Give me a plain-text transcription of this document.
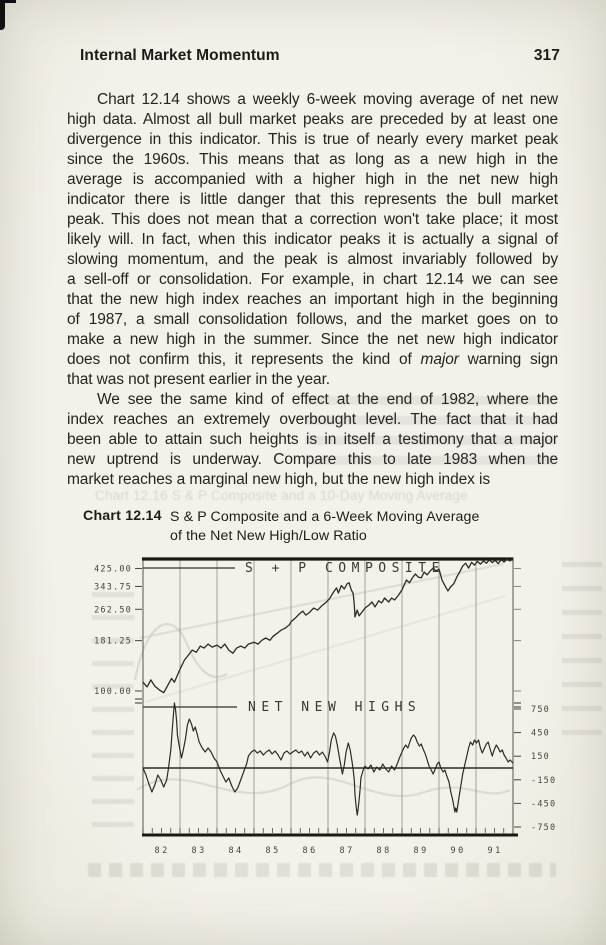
Internal Market Momentum	317
Chart 12.14 shows a weekly 6-week moving average of net new
high data. Almost all bull market peaks are preceded by at least one
divergence in this indicator. This is true of nearly every market peak
since the 1960s. This means that as long as a new high in the
average is accompanied with a higher high in the net new high
indicator there is little danger that this represents the bull market
peak. This does not mean that a correction won't take place; it most
likely will. In fact, when this indicator peaks it is actually a signal of
slowing momentum, and the peak is almost invariably followed by
a sell-off or consolidation. For example, in chart 12.14 we can see
that the new high index reaches an important high in the beginning
of 1987, a small consolidation follows, and the market goes on to
make a new high in the summer. Since the net new high indicator
does not confirm this, it represents the kind of major warning sign
that was not present earlier in the year.
We see the same kind of effect at the end of 1982, where the
index reaches an extremely overbought level. The fact that it had
been able to attain such heights is in itself a testimony that a major
new uptrend is underway. Compare this to late 1983 when the
market reaches a marginal new high, but the new high index is
Chart 12.16 S & P Composite and a 10-Day Moving Average
Chart 12.14 S & P Composite and a 6-Week Moving Average
of the Net New High/Low Ratio
425.00
343.75
262.50
181.25
100.00
750
450
150
-150
-450
-750
S + P COMPOSITE
NET NEW HIGHS
82	83	84	85	86	87	88	89	90	91
